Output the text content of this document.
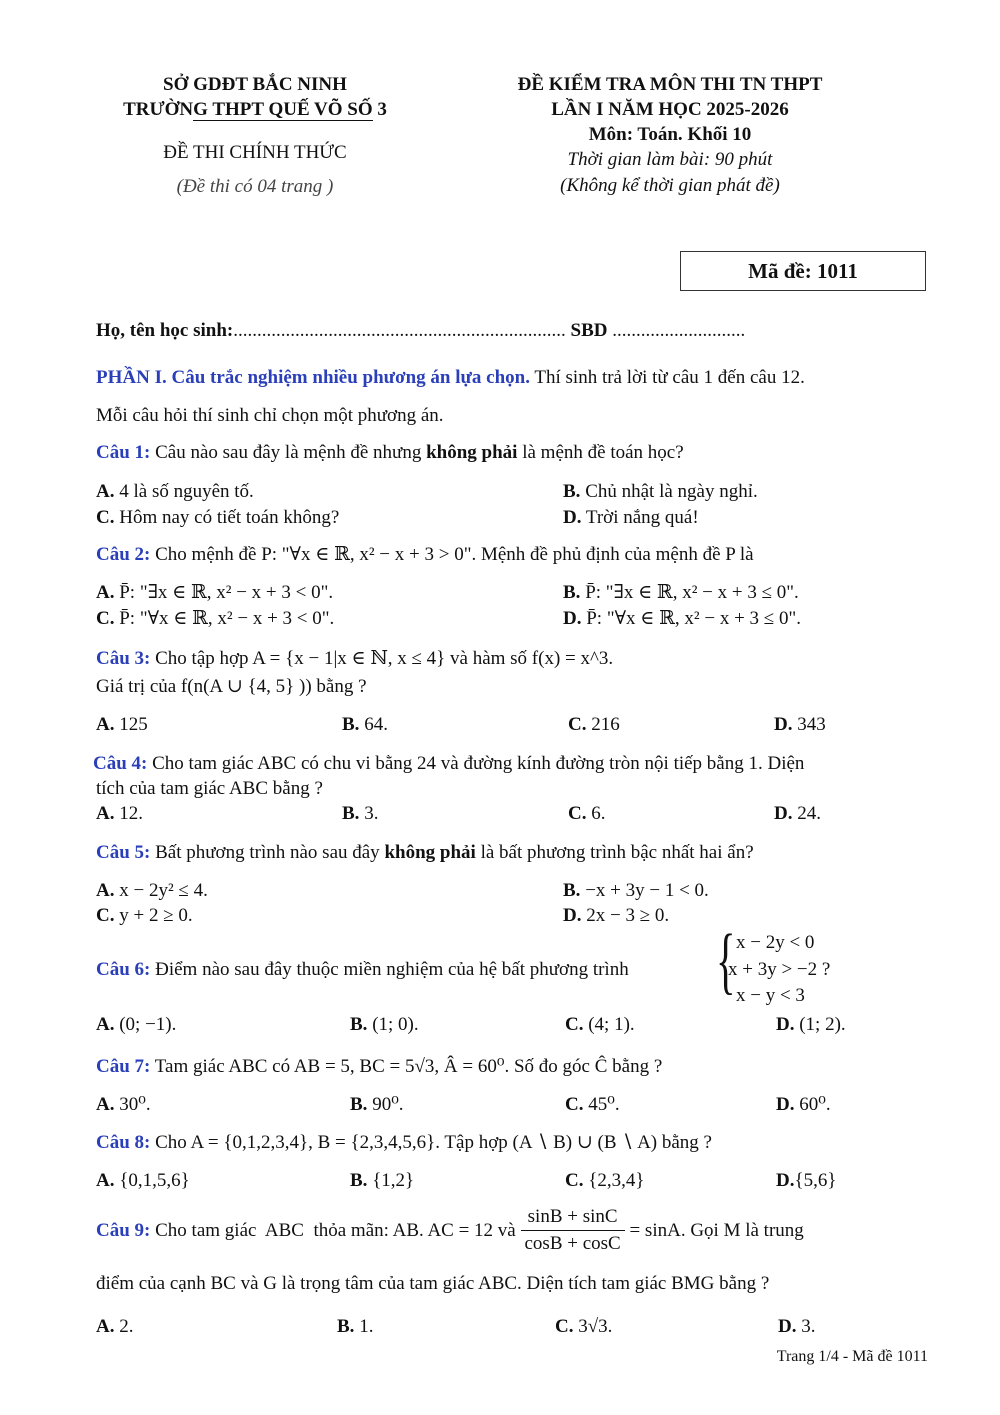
SỞ GDĐT BẮC NINH
TRƯỜNG THPT QUẾ VÕ SỐ 3
ĐỀ THI CHÍNH THỨC
(Đề thi có 04 trang )
ĐỀ KIỂM TRA MÔN THI TN THPT
LẦN I NĂM HỌC 2025-2026
Môn: Toán. Khối 10
Thời gian làm bài: 90 phút
(Không kể thời gian phát đề)
Mã đề: 1011
Họ, tên học sinh:...................................................................... SBD ............................
PHẦN I. Câu trắc nghiệm nhiều phương án lựa chọn. Thí sinh trả lời từ câu 1 đến câu 12.
Mỗi câu hỏi thí sinh chỉ chọn một phương án.
Câu 1: Câu nào sau đây là mệnh đề nhưng không phải là mệnh đề toán học?
A. 4 là số nguyên tố.	B. Chủ nhật là ngày nghỉ.
C. Hôm nay có tiết toán không?	D. Trời nắng quá!
Câu 2: Cho mệnh đề P: "∀x ∈ ℝ, x² − x + 3 > 0". Mệnh đề phủ định của mệnh đề P là
A. P̄: "∃x ∈ ℝ, x² − x + 3 < 0".	B. P̄: "∃x ∈ ℝ, x² − x + 3 ≤ 0".
C. P̄: "∀x ∈ ℝ, x² − x + 3 < 0".	D. P̄: "∀x ∈ ℝ, x² − x + 3 ≤ 0".
Câu 3: Cho tập hợp A = {x − 1|x ∈ ℕ, x ≤ 4} và hàm số f(x) = x^3.
Giá trị của f(n(A ∪ {4, 5} )) bằng ?
A. 125	B. 64.	C. 216	D. 343
Câu 4: Cho tam giác ABC có chu vi bằng 24 và đường kính đường tròn nội tiếp bằng 1. Diện
tích của tam giác ABC bằng ?
A. 12.	B. 3.	C. 6.	D. 24.
Câu 5: Bất phương trình nào sau đây không phải là bất phương trình bậc nhất hai ẩn?
A. x − 2y² ≤ 4.	B. −x + 3y − 1 < 0.
C. y + 2 ≥ 0.	D. 2x − 3 ≥ 0.
Câu 6: Điểm nào sau đây thuộc miền nghiệm của hệ bất phương trình { x − 2y < 0
x + 3y > −2 ?
x − y < 3
A. (0; −1).	B. (1; 0).	C. (4; 1).	D. (1; 2).
Câu 7: Tam giác ABC có AB = 5, BC = 5√3, Â = 60⁰. Số đo góc Ĉ bằng ?
A. 30⁰.	B. 90⁰.	C. 45⁰.	D. 60⁰.
Câu 8: Cho A = {0,1,2,3,4}, B = {2,3,4,5,6}. Tập hợp (A ∖ B) ∪ (B ∖ A) bằng ?
A. {0,1,5,6}	B. {1,2}	C. {2,3,4}	D.{5,6}
Câu 9: Cho tam giác  ABC  thỏa mãn: AB. AC = 12 và $\frac{\sin B + \sin C}{\cos B + \cos C} = \sin A$. Gọi M là trung
điểm của cạnh BC và G là trọng tâm của tam giác ABC. Diện tích tam giác BMG bằng ?
A. 2.	B. 1.	C. 3√3.	D. 3.
Trang 1/4 - Mã đề 1011
